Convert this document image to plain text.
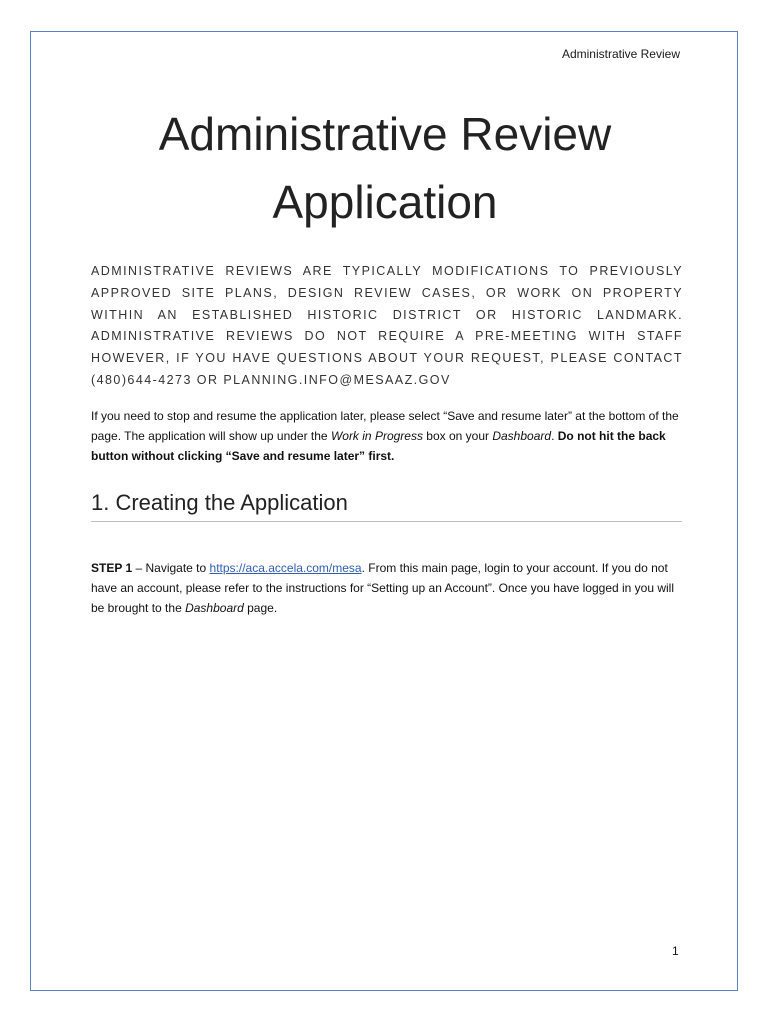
Administrative Review
Administrative Review
Application

ADMINISTRATIVE REVIEWS ARE TYPICALLY MODIFICATIONS TO PREVIOUSLY APPROVED SITE PLANS, DESIGN REVIEW CASES, OR WORK ON PROPERTY WITHIN AN ESTABLISHED HISTORIC DISTRICT OR HISTORIC LANDMARK. ADMINISTRATIVE REVIEWS DO NOT REQUIRE A PRE-MEETING WITH STAFF HOWEVER, IF YOU HAVE QUESTIONS ABOUT YOUR REQUEST, PLEASE CONTACT (480)644-4273 OR PLANNING.INFO@MESAAZ.GOV

If you need to stop and resume the application later, please select “Save and resume later” at the bottom of the page. The application will show up under the Work in Progress box on your Dashboard. Do not hit the back button without clicking “Save and resume later” first.

1. Creating the Application

STEP 1 – Navigate to https://aca.accela.com/mesa. From this main page, login to your account. If you do not have an account, please refer to the instructions for “Setting up an Account”. Once you have logged in you will be brought to the Dashboard page.

1
